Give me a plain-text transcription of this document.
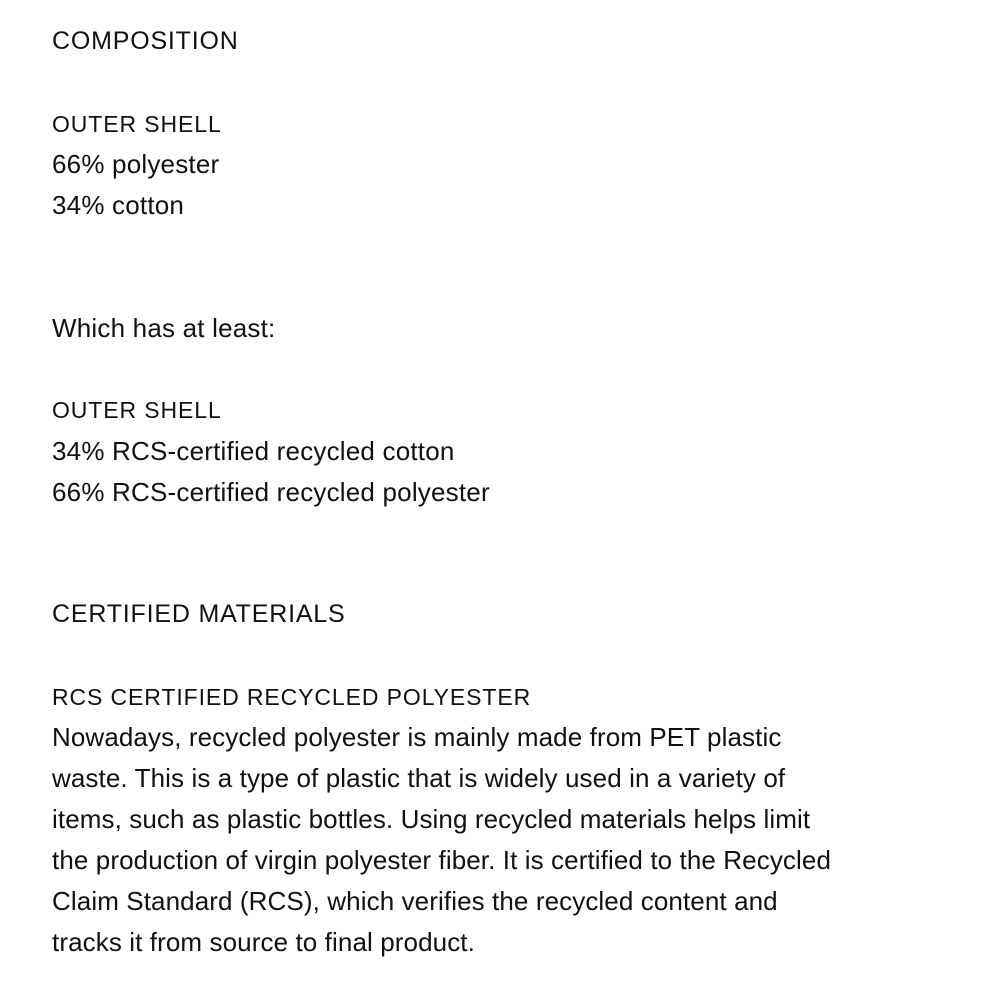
COMPOSITION
OUTER SHELL
66% polyester
34% cotton
Which has at least:
OUTER SHELL
34% RCS-certified recycled cotton
66% RCS-certified recycled polyester
CERTIFIED MATERIALS
RCS CERTIFIED RECYCLED POLYESTER
Nowadays, recycled polyester is mainly made from PET plastic
waste. This is a type of plastic that is widely used in a variety of
items, such as plastic bottles. Using recycled materials helps limit
the production of virgin polyester fiber. It is certified to the Recycled
Claim Standard (RCS), which verifies the recycled content and
tracks it from source to final product.
